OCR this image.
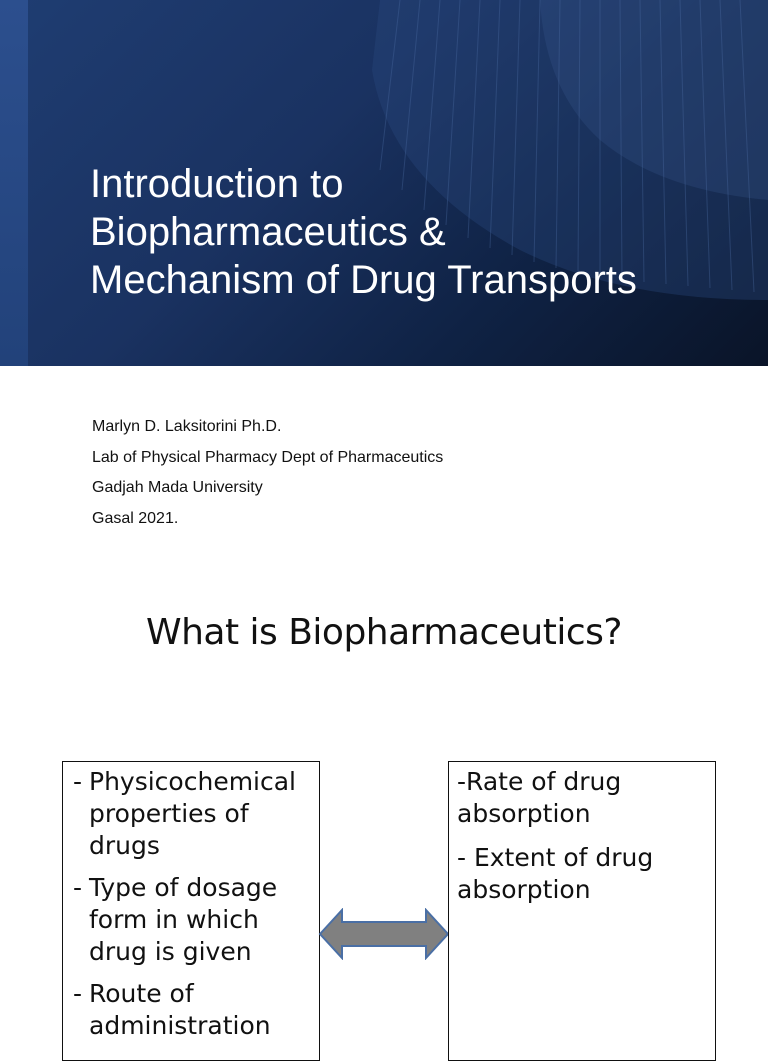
Introduction to
Biopharmaceutics &
Mechanism of Drug Transports
Marlyn D. Laksitorini Ph.D.
Lab of Physical Pharmacy Dept of Pharmaceutics
Gadjah Mada University
Gasal 2021.
What is Biopharmaceutics?
- Physicochemical properties of drugs
- Type of dosage form in which drug is given
- Route of administration
-Rate of drug absorption
- Extent of drug absorption
